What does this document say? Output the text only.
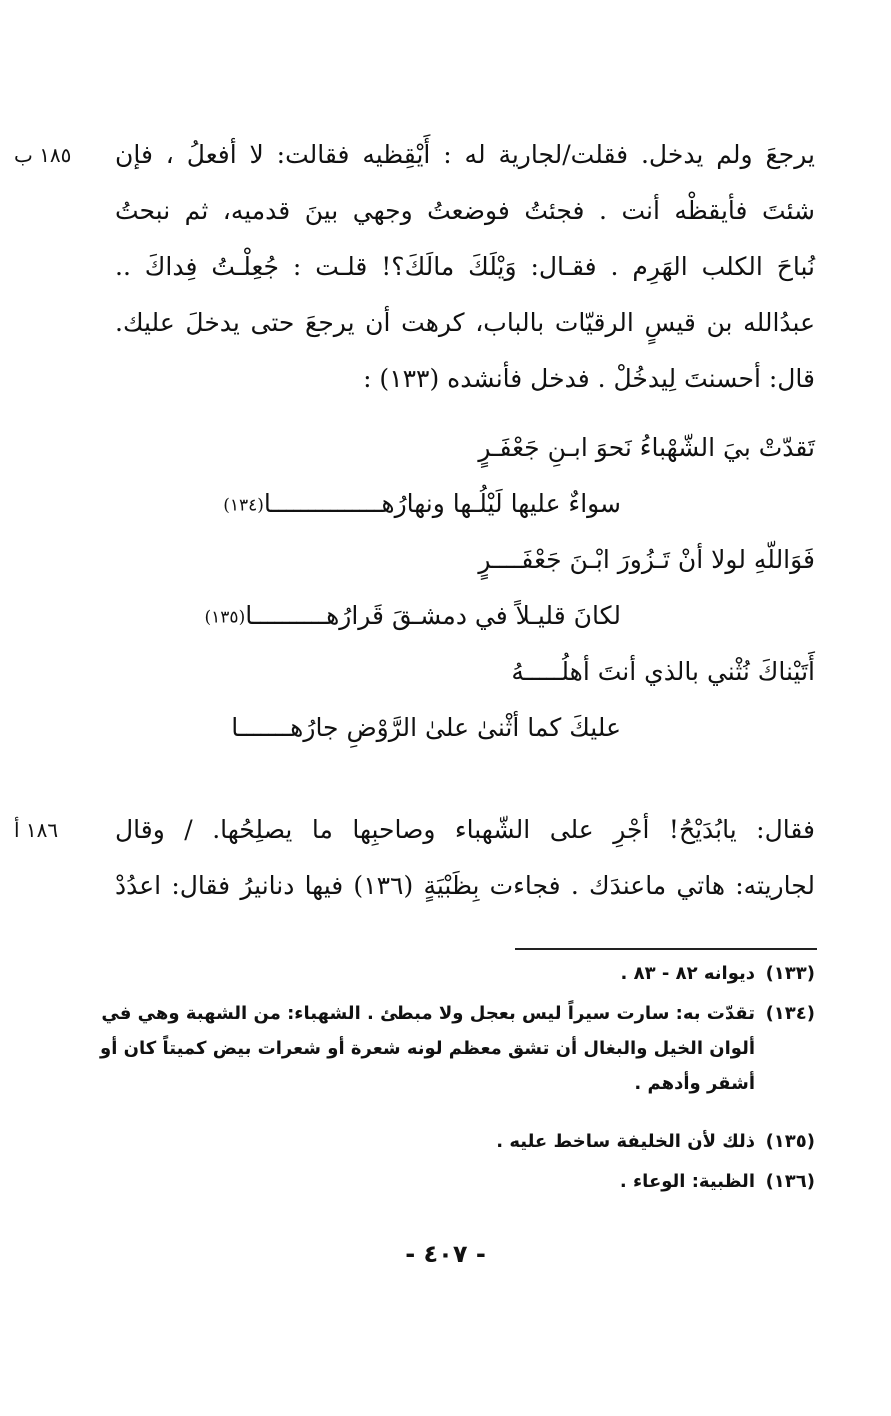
١٨٥ ب يرجعَ ولم يدخل. فقلت/لجارية له : أَيْقِظيه فقالت: لا أفعلُ ، فإن
شئتَ فأيقظْه أنت . فجئتُ فوضعتُ وجهي بينَ قدميه، ثم نبحتُ
نُباحَ الكلب الهَرِم . فقـال: وَيْلَكَ مالَكَ؟! قلـت : جُعِلْـتُ فِداكَ ..
عبدُالله بن قيسٍ الرقيّات بالباب، كرهت أن يرجعَ حتى يدخلَ عليك.
قال: أحسنتَ لِيدخُلْ . فدخل فأنشده (١٣٣) :
تَقدّتْ بيَ الشّهْباءُ نَحوَ ابـنِ جَعْفَـرٍ
سواءٌ عليها لَيْلُـها ونهارُهـــــــــــــــا(١٣٤)
فَوَاللّهِ لولا أنْ تَـزُورَ ابْـنَ جَعْفَــــرٍ
لكانَ قليـلاً في دمشـقَ قَرارُهــــــــــا(١٣٥)
أَتَيْناكَ نُثْني بالذي أنتَ أهلُـــــهُ
عليكَ كما أثْنىٰ علىٰ الرَّوْضِ جارُهـــــــا
١٨٦ أ فقال: يابُدَيْحُ! أجْرِ على الشّهباء وصاحبِها ما يصلِحُها. / وقال
لجاريته: هاتي ماعندَك . فجاءت بِظَبْيَةٍ (١٣٦) فيها دنانيرُ فقال: اعدُدْ
(١٣٣)ديوانه ٨٢ - ٨٣ .
(١٣٤)تقدّت به: سارت سيراً ليس بعجل ولا مبطئ . الشهباء: من الشهبة وهي في
ألوان الخيل والبغال أن تشق معظم لونه شعرة أو شعرات بيض كميتاً كان أو أشقر وأدهم .
(١٣٥)ذلك لأن الخليفة ساخط عليه .
(١٣٦)الظبية: الوعاء .
- ٤٠٧ -
